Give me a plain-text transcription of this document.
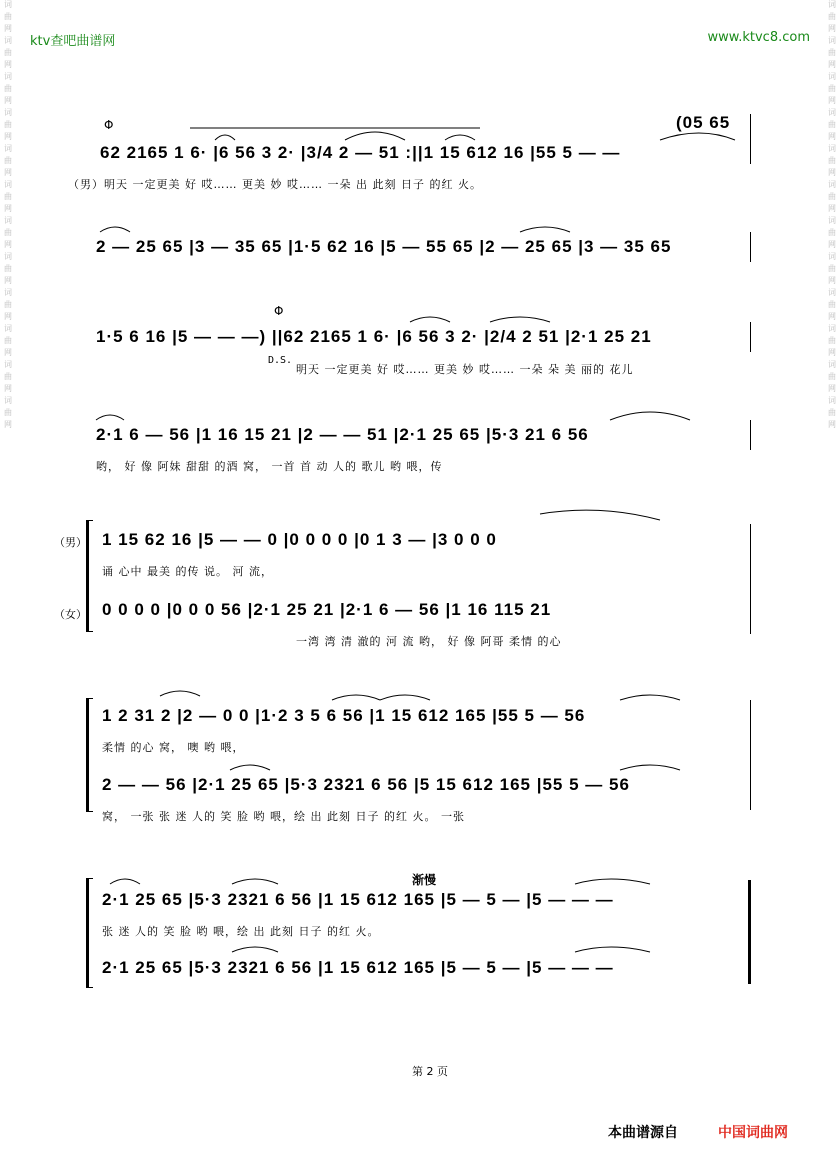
词
曲
网
词
曲
网
词
曲
网
词
曲
网
词
曲
网
词
曲
网
词
曲
网
词
曲
网
词
曲
网
词
曲
网
词
曲
网
词
曲
网
词
曲
网
词
曲
网
词
曲
网
词
曲
网
词
曲
网
词
曲
网
词
曲
网
词
曲
网
词
曲
网
词
曲
网
词
曲
网
词
曲
网
ktv查吧曲谱网	www.ktvc8.com
Φ	(05 65
62 2165 1 6· |6 56 3 2· |3/4 2 — 51 :||1 15 612 16 |55 5 — —
（男）明天 一定更美 好 哎…… 更美 妙 哎…… 一朵 出 此刻 日子 的红 火。
2 — 25 65 |3 — 35 65 |1·5 62 16 |5 — 55 65 |2 — 25 65 |3 — 35 65
Φ
1·5 6 16 |5 — — —) ||62 2165 1 6· |6 56 3 2· |2/4 2 51 |2·1 25 21
D.S.
明天 一定更美 好 哎…… 更美 妙 哎…… 一朵 朵 美 丽的 花儿
2·1 6 — 56 |1 16 15 21 |2 — — 51 |2·1 25 65 |5·3 21 6 56
哟， 好 像 阿妹 甜甜 的酒 窝， 一首 首 动 人的 歌儿 哟 喂，传
（男） 1 15 62 16 |5 — — 0 |0 0 0 0 |0 1 3 — |3 0 0 0
诵 心中 最美 的传 说。 河 流，
（女） 0 0 0 0 |0 0 0 56 |2·1 25 21 |2·1 6 — 56 |1 16 115 21
一湾 湾 清 澈的 河 流 哟， 好 像 阿哥 柔情 的心
1 2 31 2 |2 — 0 0 |1·2 3 5 6 56 |1 15 612 165 |55 5 — 56
柔情 的心 窝， 噢 哟 喂，
2 — — 56 |2·1 25 65 |5·3 2321 6 56 |5 15 612 165 |55 5 — 56
窝， 一张 张 迷 人的 笑 脸 哟 喂，绘 出 此刻 日子 的红 火。 一张
渐慢
2·1 25 65 |5·3 2321 6 56 |1 15 612 165 |5 — 5 — |5 — — —
张 迷 人的 笑 脸 哟 喂，绘 出 此刻 日子 的红 火。
2·1 25 65 |5·3 2321 6 56 |1 15 612 165 |5 — 5 — |5 — — —
第 2 页
本曲谱源自	中国词曲网
